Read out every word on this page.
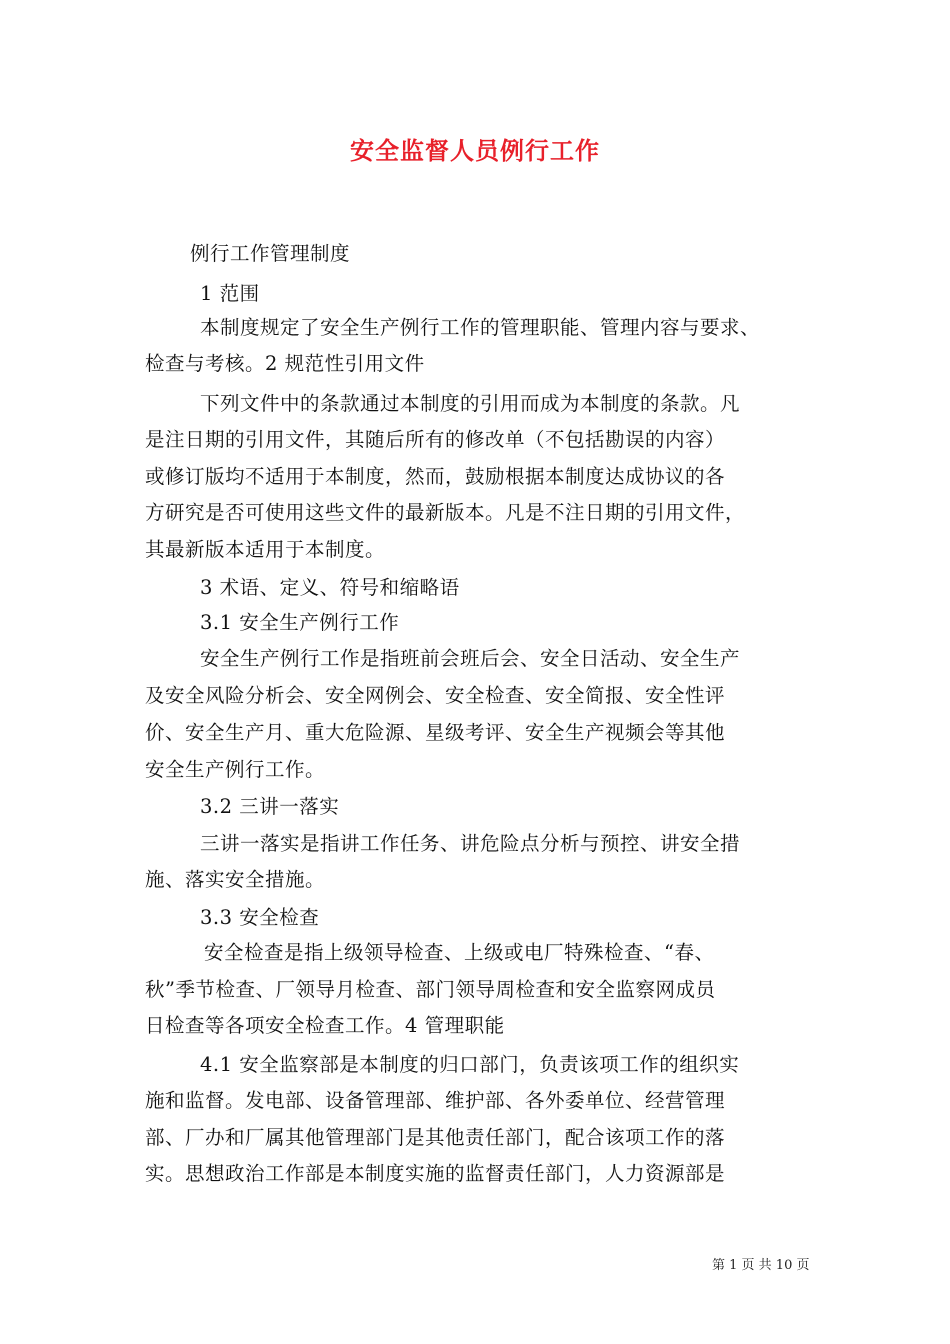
安全监督人员例行工作
例行工作管理制度
1 范围
本制度规定了安全生产例行工作的管理职能、管理内容与要求、
检查与考核。2 规范性引用文件
下列文件中的条款通过本制度的引用而成为本制度的条款。凡
是注日期的引用文件，其随后所有的修改单（不包括勘误的内容）
或修订版均不适用于本制度，然而，鼓励根据本制度达成协议的各
方研究是否可使用这些文件的最新版本。凡是不注日期的引用文件，
其最新版本适用于本制度。
3 术语、定义、符号和缩略语
3.1 安全生产例行工作
安全生产例行工作是指班前会班后会、安全日活动、安全生产
及安全风险分析会、安全网例会、安全检查、安全简报、安全性评
价、安全生产月、重大危险源、星级考评、安全生产视频会等其他
安全生产例行工作。
3.2 三讲一落实
三讲一落实是指讲工作任务、讲危险点分析与预控、讲安全措
施、落实安全措施。
3.3 安全检查
安全检查是指上级领导检查、上级或电厂特殊检查、“春、
秋”季节检查、厂领导月检查、部门领导周检查和安全监察网成员
日检查等各项安全检查工作。4 管理职能
4.1 安全监察部是本制度的归口部门，负责该项工作的组织实
施和监督。发电部、设备管理部、维护部、各外委单位、经营管理
部、厂办和厂属其他管理部门是其他责任部门，配合该项工作的落
实。思想政治工作部是本制度实施的监督责任部门，人力资源部是
第 1 页 共 10 页
